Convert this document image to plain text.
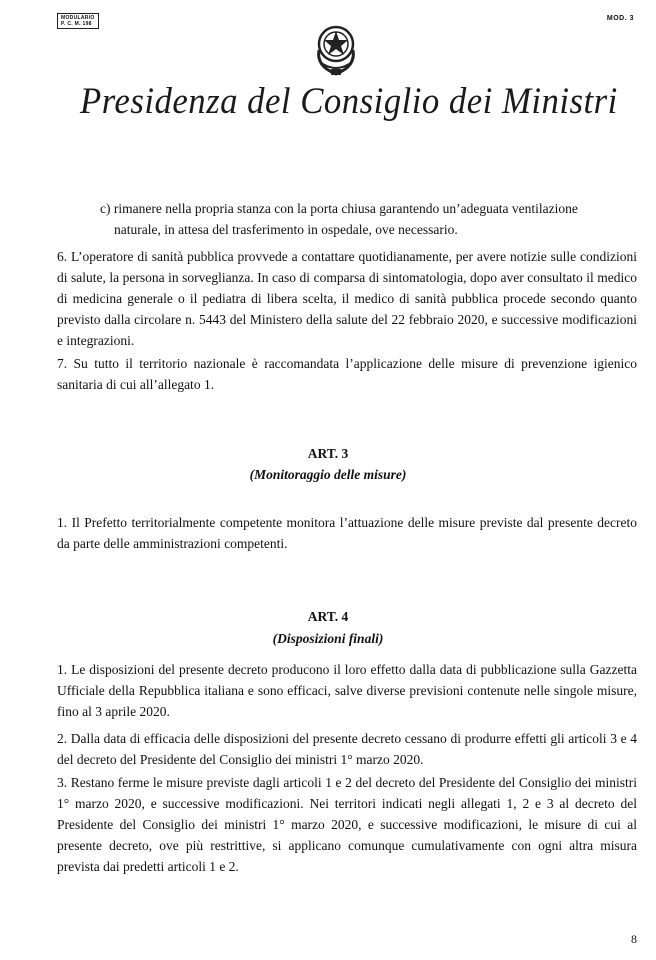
MODULARIO
P. C. M. 198
MOD. 3
Presidenza del Consiglio dei Ministri

c) rimanere nella propria stanza con la porta chiusa garantendo un’adeguata ventilazione

naturale, in attesa del trasferimento in ospedale, ove necessario.

6. L’operatore di sanità pubblica provvede a contattare quotidianamente, per avere notizie sulle condizioni di salute, la persona in sorveglianza. In caso di comparsa di sintomatologia, dopo aver consultato il medico di medicina generale o il pediatra di libera scelta, il medico di sanità pubblica procede secondo quanto previsto dalla circolare n. 5443 del Ministero della salute del 22 febbraio 2020, e successive modificazioni e integrazioni.
7. Su tutto il territorio nazionale è raccomandata l’applicazione delle misure di prevenzione igienico sanitaria di cui all’allegato 1.
ART. 3
(Monitoraggio delle misure)
1. Il Prefetto territorialmente competente monitora l’attuazione delle misure previste dal presente decreto da parte delle amministrazioni competenti.
ART. 4
(Disposizioni finali)
1. Le disposizioni del presente decreto producono il loro effetto dalla data di pubblicazione sulla Gazzetta Ufficiale della Repubblica italiana e sono efficaci, salve diverse previsioni contenute nelle singole misure, fino al 3 aprile 2020.
2. Dalla data di efficacia delle disposizioni del presente decreto cessano di produrre effetti gli articoli 3 e 4 del decreto del Presidente del Consiglio dei ministri 1° marzo 2020.
3. Restano ferme le misure previste dagli articoli 1 e 2 del decreto del Presidente del Consiglio dei ministri 1° marzo 2020, e successive modificazioni. Nei territori indicati negli allegati 1, 2 e 3 al decreto del Presidente del Consiglio dei ministri 1° marzo 2020, e successive modificazioni, le misure di cui al presente decreto, ove più restrittive, si applicano comunque cumulativamente con ogni altra misura prevista dai predetti articoli 1 e 2.
8
